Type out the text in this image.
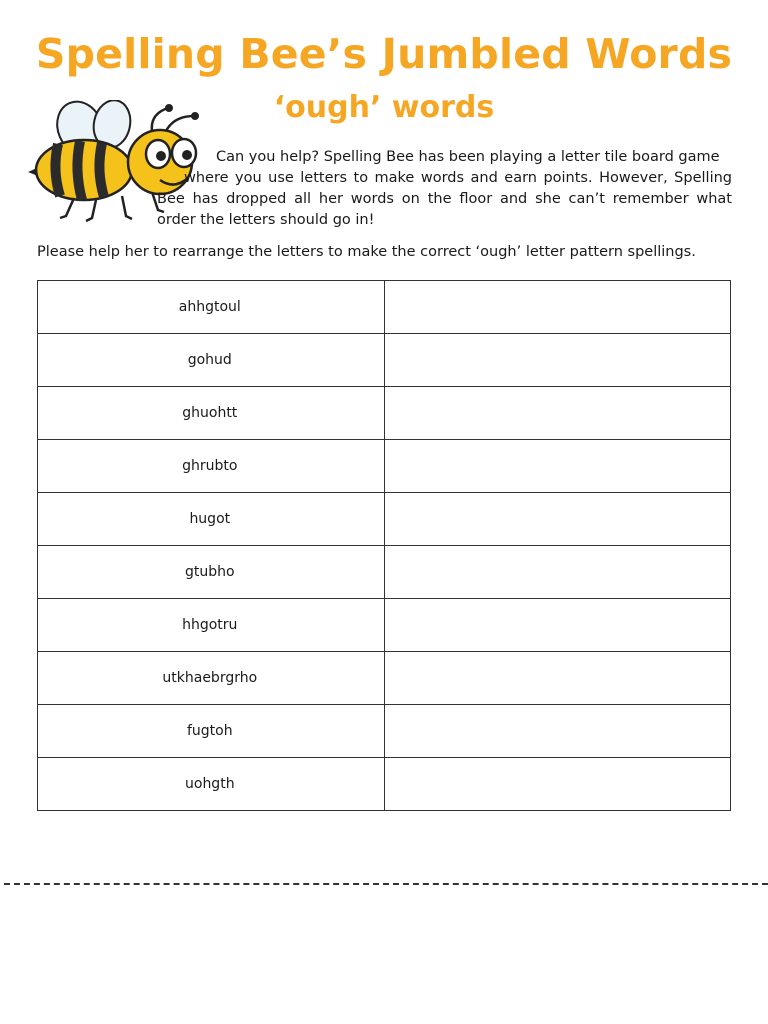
Spelling Bee’s Jumbled Words
‘ough’ words

Can you help? Spelling Bee has been playing a letter tile board game
where you use letters to make words and earn points. However, Spelling
Bee has dropped all her words on the floor and she can’t remember what
order the letters should go in!

Please help her to rearrange the letters to make the correct ‘ough’ letter pattern spellings.

ahhgtoul	
gohud	
ghuohtt	
ghrubto	
hugot	
gtubho	
hhgotru	
utkhaebrgrho	
fugtoh	
uohgth	
